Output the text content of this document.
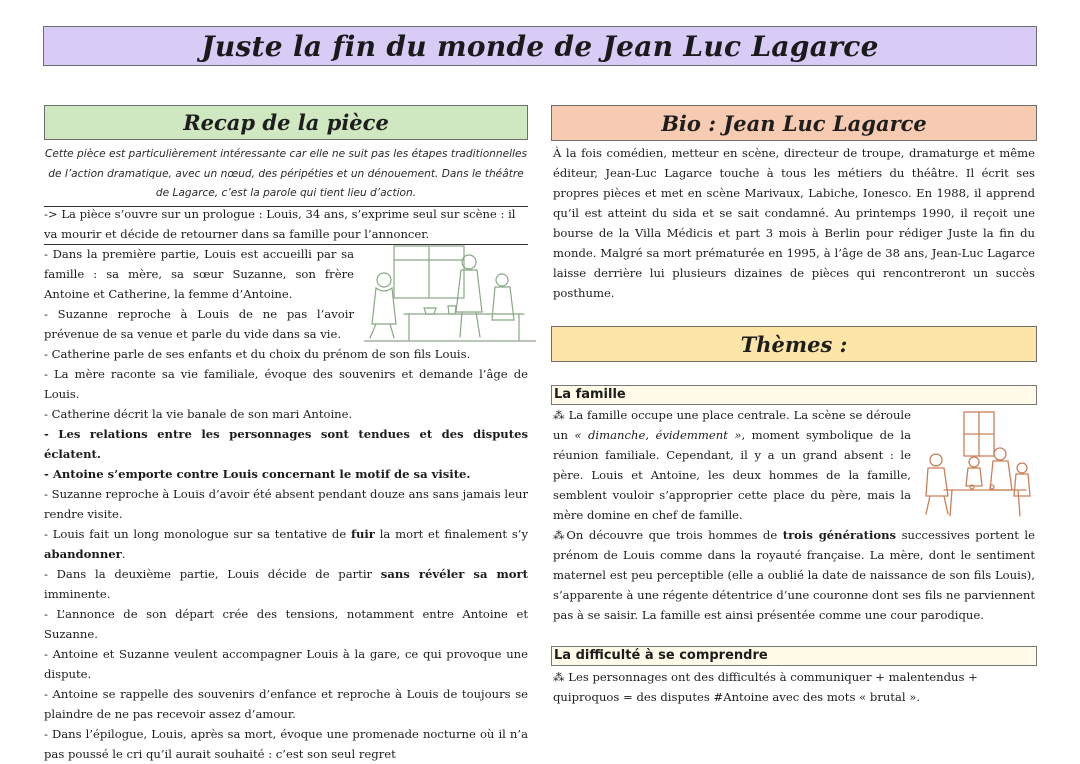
Juste la fin du monde de Jean Luc Lagarce
Recap de la pièce
Cette pièce est particulièrement intéressante car elle ne suit pas les étapes traditionnelles de l’action dramatique, avec un nœud, des péripéties et un dénouement. Dans le théâtre de Lagarce, c’est la parole qui tient lieu d’action.
-> La pièce s’ouvre sur un prologue : Louis, 34 ans, s’exprime seul sur scène : il va mourir et décide de retourner dans sa famille pour l’annoncer.

- Dans la première partie, Louis est accueilli par sa famille : sa mère, sa sœur Suzanne, son frère Antoine et Catherine, la femme d’Antoine.

- Suzanne reproche à Louis de ne pas l’avoir prévenue de sa venue et parle du vide dans sa vie.

- Catherine parle de ses enfants et du choix du prénom de son fils Louis.

- La mère raconte sa vie familiale, évoque des souvenirs et demande l’âge de Louis.

- Catherine décrit la vie banale de son mari Antoine.

- Les relations entre les personnages sont tendues et des disputes éclatent.

- Antoine s’emporte contre Louis concernant le motif de sa visite.

- Suzanne reproche à Louis d’avoir été absent pendant douze ans sans jamais leur rendre visite.

- Louis fait un long monologue sur sa tentative de fuir la mort et finalement s’y abandonner.

- Dans la deuxième partie, Louis décide de partir sans révéler sa mort imminente.

- L’annonce de son départ crée des tensions, notamment entre Antoine et Suzanne.

- Antoine et Suzanne veulent accompagner Louis à la gare, ce qui provoque une dispute.

- Antoine se rappelle des souvenirs d’enfance et reproche à Louis de toujours se plaindre de ne pas recevoir assez d’amour.

- Dans l’épilogue, Louis, après sa mort, évoque une promenade nocturne où il n’a pas poussé le cri qu’il aurait souhaité : c’est son seul regret

Bio : Jean Luc Lagarce
À la fois comédien, metteur en scène, directeur de troupe, dramaturge et même éditeur, Jean-Luc Lagarce touche à tous les métiers du théâtre. Il écrit ses propres pièces et met en scène Marivaux, Labiche, Ionesco. En 1988, il apprend qu’il est atteint du sida et se sait condamné. Au printemps 1990, il reçoit une bourse de la Villa Médicis et part 3 mois à Berlin pour rédiger Juste la fin du monde. Malgré sa mort prématurée en 1995, à l’âge de 38 ans, Jean-Luc Lagarce laisse derrière lui plusieurs dizaines de pièces qui rencontreront un succès posthume.
Thèmes :
La famille

⁂ La famille occupe une place centrale. La scène se déroule un « dimanche, évidemment », moment symbolique de la réunion familiale. Cependant, il y a un grand absent : le père. Louis et Antoine, les deux hommes de la famille, semblent vouloir s’approprier cette place du père, mais la mère domine en chef de famille.

⁂On découvre que trois hommes de trois générations successives portent le prénom de Louis comme dans la royauté française. La mère, dont le sentiment maternel est peu perceptible (elle a oublié la date de naissance de son fils Louis), s’apparente à une régente détentrice d’une couronne dont ses fils ne parviennent pas à se saisir. La famille est ainsi présentée comme une cour parodique.

La difficulté à se comprendre

⁂ Les personnages ont des difficultés à communiquer + malentendus + quiproquos = des disputes #Antoine avec des mots « brutal ».
